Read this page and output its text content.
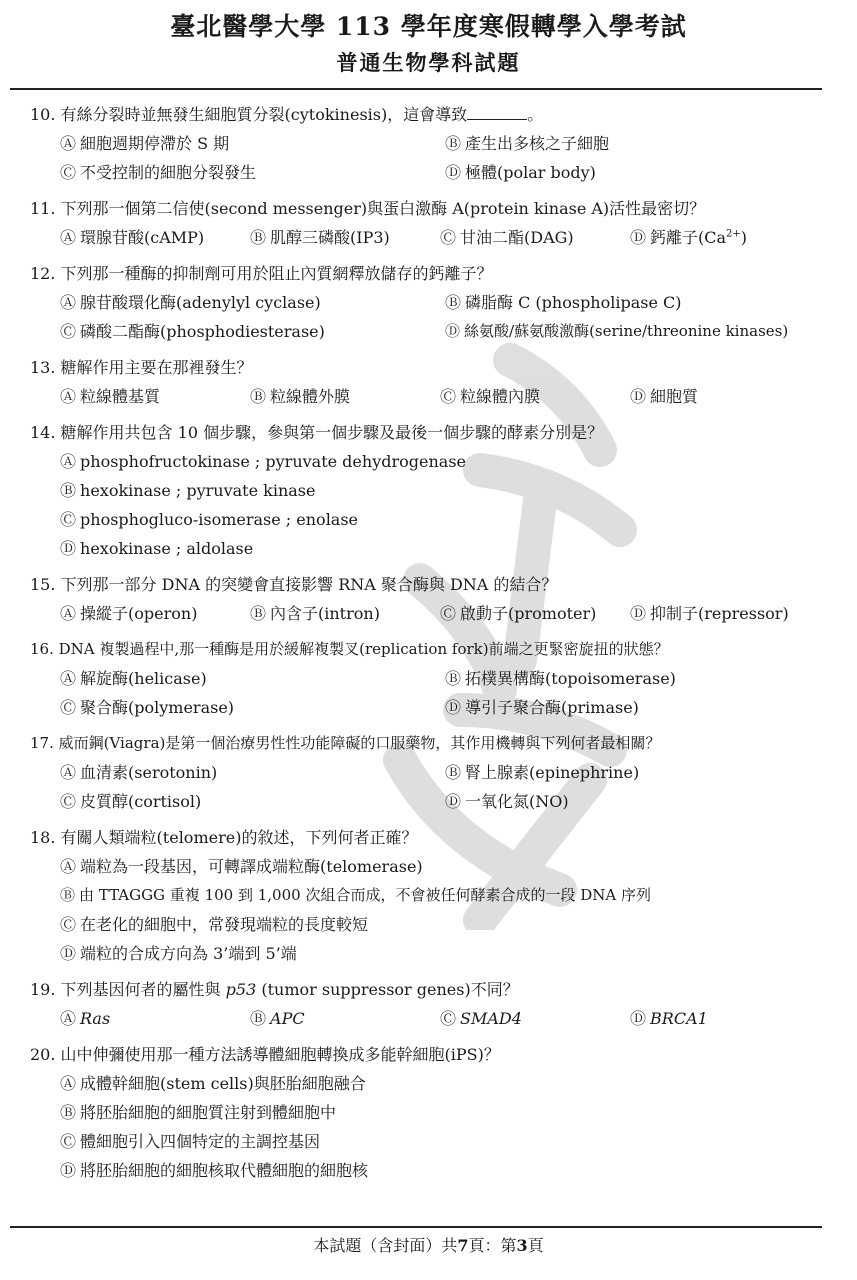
臺北醫學大學 113 學年度寒假轉學入學考試
普通生物學科試題
10. 有絲分裂時並無發生細胞質分裂(cytokinesis)，這會導致	。
Ⓐ 細胞週期停滯於 S 期	Ⓑ 產生出多核之子細胞
Ⓒ 不受控制的細胞分裂發生	Ⓓ 極體(polar body)
11. 下列那一個第二信使(second messenger)與蛋白激酶 A(protein kinase A)活性最密切？
Ⓐ 環腺苷酸(cAMP)	Ⓑ 肌醇三磷酸(IP3)	Ⓒ 甘油二酯(DAG)	Ⓓ 鈣離子$(Ca^{2+})$
12. 下列那一種酶的抑制劑可用於阻止內質網釋放儲存的鈣離子？
Ⓐ 腺苷酸環化酶(adenylyl cyclase)	Ⓑ 磷脂酶 C (phospholipase C)
Ⓒ 磷酸二酯酶(phosphodiesterase)	Ⓓ 絲氨酸/蘇氨酸激酶(serine/threonine kinases)
13. 糖解作用主要在那裡發生？
Ⓐ 粒線體基質	Ⓑ 粒線體外膜	Ⓒ 粒線體內膜	Ⓓ 細胞質
14. 糖解作用共包含 10 個步驟，參與第一個步驟及最後一個步驟的酵素分別是？
Ⓐ phosphofructokinase ; pyruvate dehydrogenase
Ⓑ hexokinase ; pyruvate kinase
Ⓒ phosphogluco-isomerase ; enolase
Ⓓ hexokinase ; aldolase
15. 下列那一部分 DNA 的突變會直接影響 RNA 聚合酶與 DNA 的結合？
Ⓐ 操縱子(operon)	Ⓑ 內含子(intron)	Ⓒ 啟動子(promoter)	Ⓓ 抑制子(repressor)
16. DNA 複製過程中,那一種酶是用於緩解複製叉(replication fork)前端之更緊密旋扭的狀態？
Ⓐ 解旋酶(helicase)	Ⓑ 拓樸異構酶(topoisomerase)
Ⓒ 聚合酶(polymerase)	Ⓓ 導引子聚合酶(primase)
17. 威而鋼(Viagra)是第一個治療男性性功能障礙的口服藥物，其作用機轉與下列何者最相關？
Ⓐ 血清素(serotonin)	Ⓑ 腎上腺素(epinephrine)
Ⓒ 皮質醇(cortisol)	Ⓓ 一氧化氮(NO)
18. 有關人類端粒(telomere)的敘述，下列何者正確？
Ⓐ 端粒為一段基因，可轉譯成端粒酶(telomerase)
Ⓑ 由 TTAGGG 重複 100 到 1,000 次組合而成，不會被任何酵素合成的一段 DNA 序列
Ⓒ 在老化的細胞中，常發現端粒的長度較短
Ⓓ 端粒的合成方向為 3’端到 5’端
19. 下列基因何者的屬性與 p53 (tumor suppressor genes)不同？
Ⓐ Ras	Ⓑ APC	Ⓒ SMAD4	Ⓓ BRCA1
20. 山中伸彌使用那一種方法誘導體細胞轉換成多能幹細胞(iPS)？
Ⓐ 成體幹細胞(stem cells)與胚胎細胞融合
Ⓑ 將胚胎細胞的細胞質注射到體細胞中
Ⓒ 體細胞引入四個特定的主調控基因
Ⓓ 將胚胎細胞的細胞核取代體細胞的細胞核
本試題（含封面）共7頁：第3頁
